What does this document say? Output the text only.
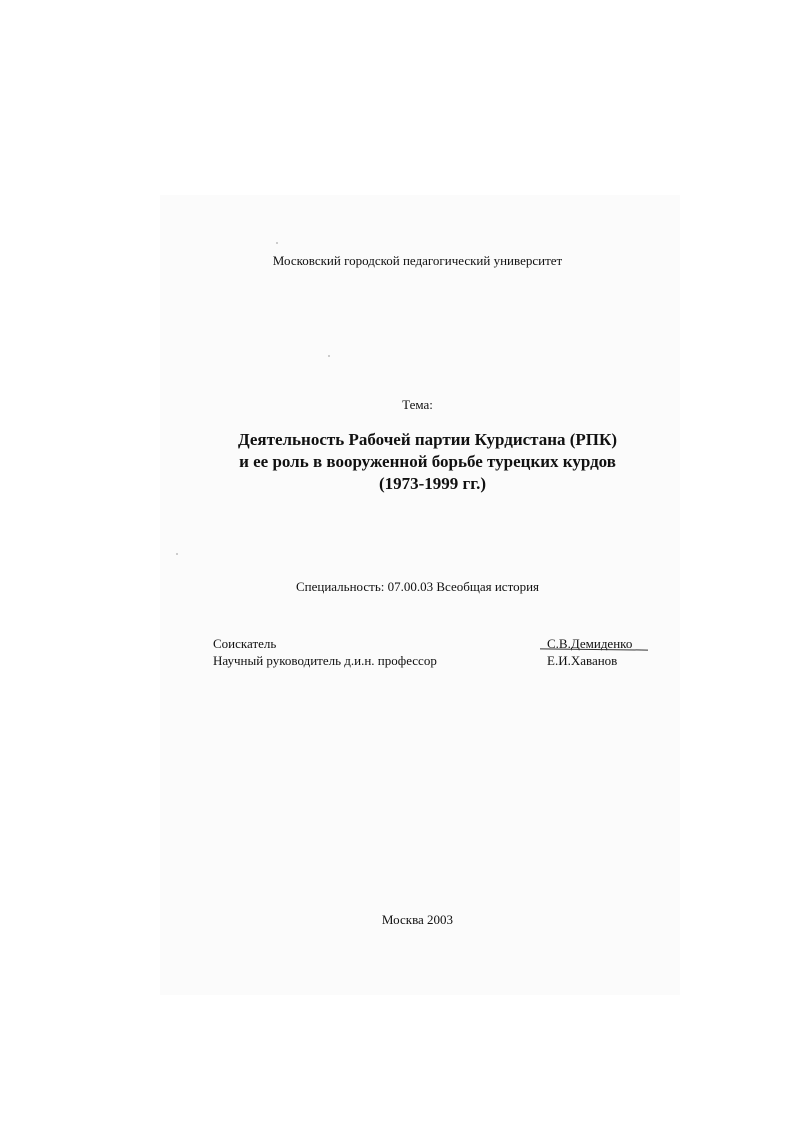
Московский городской педагогический университет
Тема:
Деятельность Рабочей партии Курдистана (РПК)
и ее роль в вооруженной борьбе турецких курдов
(1973-1999 гг.)
Специальность: 07.00.03 Всеобщая история
Соискатель	С.В.Демиденко
Научный руководитель д.и.н. профессор	Е.И.Хаванов
Москва 2003
